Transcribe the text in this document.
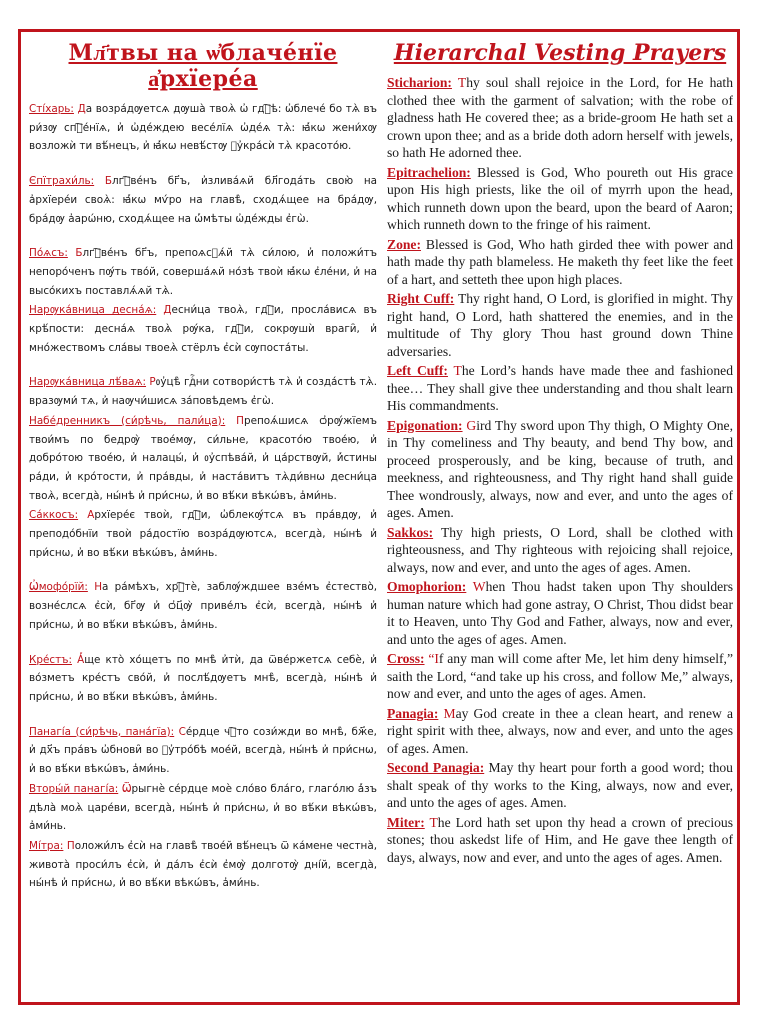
Мл҃твы на ѡ҆блаче́нїе а҆рхїере́а

Сті́харь: Да возра́дѹетсѧ дѹша̀ твоѧ̀ ѡ҆ гдⷭ҇ѣ: ѡ҆блече́ бо тѧ̀ въ ри́зѹ спⷭ҇е́нїѧ, и҆ ѡ҆де́ждею весе́лїѧ ѡ҆де́ѧ тѧ̀: ꙗ҆́кѡ жени́хѹ возложѝ ти вѣ́нецъ, и҆ ꙗ҆́кѡ невѣ́стѹ ᲂу҆кра́сѝ тѧ̀ красото́ю.

Єпїтрахи́ль: Блгⷭ҇ве́нъ бг҃ъ, и҆злива́ѧй бл҃года́ть свою̀ на а҆рхїере́и своѧ̀: ꙗ҆́кѡ мѵ́ро на главѣ̀, сходѧ́щее на бра́дѹ, бра́дѹ а҆арѡ́ню, сходѧ́щее на ѡ҆́мѣты ѡ҆де́жды є҆гѡ̀.

По́ѧсъ: Блгⷭ҇ве́нъ бг҃ъ, препоѧсꙋѧ́й тѧ̀ си́лою, и҆ положи́тъ непоро́ченъ пѹ́ть тво́й, соверша́ѧй но́зѣ твоѝ ꙗ҆́кѡ є҆ле́ни, и҆ на высо́кихъ поставлѧ́ѧй тѧ̀.

Нарѹка́вница десна́ѧ: Десни́ца твоѧ̀, гдⷭ҇и, просла́висѧ въ крѣ́пости: десна́ѧ твоѧ̀ рѹ́ка, гдⷭ҇и, сокрѹшѝ враги̑, и҆ мно́жествомъ сла́вы твоеѧ̀ стёрлъ є҆сѝ сѹпоста́ты.

Нарѹка́вница лѣ́ваѧ: Рᲂу҆цѣ̀ гдⷭ҇ни сотвори́стѣ тѧ̀ и҆ созда́стѣ тѧ̀. вразѹми́ тѧ, и҆ наѹчи́шисѧ за́повѣдемъ є҆гѡ̀.

Набе́дренникъ (си́рѣчь, пали́ца): Препоѧ́шисѧ ѻ҆рѹ́жїемъ твои́мъ по бедрѹ̀ твое́мѹ, си́льне, красото́ю твое́ю, и҆ добро́тою твое́ю, и҆ налацы́, и҆ ᲂу҆спѣва́й, и҆ ца́рствѹй, и҆́стины ра́ди, и҆ кро́тости, и҆ пра́вды, и҆ наста́витъ тѧ̀ди́внѡ десни́ца твоѧ̀, всегда̀, ны́нѣ и҆ при́снѡ, и҆ во вѣ́ки вѣкѡ́въ, а҆ми́нь.

Са́ккосъ: Архїере́є твоѝ, гдⷭ҇и, ѡ҆блекѹ́тсѧ въ пра́вдѹ, и҆ преподо́бнїи твоѝ ра́достїю возра́дѹютсѧ, всегда̀, ны́нѣ и҆ при́снѡ, и҆ во вѣ́ки вѣкѡ́въ, а҆ми́нь.

Ѡ҆мофо́рїй: На ра́мѣхъ, хрⷭ҇тѐ, заблѹ́ждшее взе́мъ є҆стество̀, возне́слсѧ є҆сѝ, бг҃ѹ и҆ ѻ҆ц҃ѹ̀ приве́лъ є҆сѝ, всегда̀, ны́нѣ и҆ при́снѡ, и҆ во вѣ́ки вѣкѡ́въ, а҆ми́нь.

Кре́стъ: А҆́ще кто̀ хо́щетъ по мнѣ̀ и҆тѝ, да ѿве́ржетсѧ себѐ, и҆ во́зметъ кре́стъ сво́й, и҆ послѣ́дѹетъ мнѣ̀, всегда̀, ны́нѣ и҆ при́снѡ, и҆ во вѣ́ки вѣкѡ́въ, а҆ми́нь.

Панагі́а (си́рѣчь, пана́гїа): Се́рдце чⷭ҇то сози́жди во мнѣ̀, бж҃е, и҆ дх҃ъ пра́въ ѡ҆бнови̑ во ᲂу҆тро́бѣ мое́й, всегда̀, ны́нѣ и҆ при́снѡ, и҆ во вѣ́ки вѣкѡ́въ, а҆ми́нь.

Вторы́й панагі́а: Ѿрыгнѐ се́рдце моѐ сло́во бла́го, глаго́лю а҆́зъ дѣла̀ моѧ̀ царе́ви, всегда̀, ны́нѣ и҆ при́снѡ, и҆ во вѣ́ки вѣкѡ́въ, а҆ми́нь.

Мі́тра: Положи́лъ є҆сѝ на главѣ̀ твое́й вѣ́нецъ ѿ ка́мене честна̀, живота̀ проси́лъ є҆сѝ, и҆ да́лъ є҆сѝ є҆мѹ̀ долготѹ̀ дні́й, всегда̀, ны́нѣ и҆ при́снѡ, и҆ во вѣ́ки вѣкѡ́въ, а҆ми́нь.

Hierarchal Vesting Prayers

Sticharion: Thy soul shall rejoice in the Lord, for He hath clothed thee with the garment of salvation; with the robe of gladness hath He covered thee; as a bride-groom He hath set a crown upon thee; and as a bride doth adorn herself with jewels, so hath He adorned thee.

Epitrachelion: Blessed is God, Who poureth out His grace upon His high priests, like the oil of myrrh upon the head, which runneth down upon the beard, upon the beard of Aaron; which runneth down to the fringe of his raiment.

Zone: Blessed is God, Who hath girded thee with power and hath made thy path blameless. He maketh thy feet like the feet of a hart, and setteth thee upon high places.

Right Cuff: Thy right hand, O Lord, is glorified in might. Thy right hand, O Lord, hath shattered the enemies, and in the multitude of Thy glory Thou hast ground down Thine adversaries.

Left Cuff: The Lord’s hands have made thee and fashioned thee… They shall give thee understanding and thou shalt learn His commandments.

Epigonation: Gird Thy sword upon Thy thigh, O Mighty One, in Thy comeliness and Thy beauty, and bend Thy bow, and proceed prosperously, and be king, because of truth, and meekness, and righteousness, and Thy right hand shall guide Thee wondrously, always, now and ever, and unto the ages of ages. Amen.

Sakkos: Thy high priests, O Lord, shall be clothed with righteousness, and Thy righteous with rejoicing shall rejoice, always, now and ever, and unto the ages of ages. Amen.

Omophorion: When Thou hadst taken upon Thy shoulders human nature which had gone astray, O Christ, Thou didst bear it to Heaven, unto Thy God and Father, always, now and ever, and unto the ages of ages. Amen.

Cross: “If any man will come after Me, let him deny himself,” saith the Lord, “and take up his cross, and follow Me,” always, now and ever, and unto the ages of ages. Amen.

Panagia: May God create in thee a clean heart, and renew a right spirit with thee, always, now and ever, and unto the ages of ages. Amen.

Second Panagia: May thy heart pour forth a good word; thou shalt speak of thy works to the King, always, now and ever, and unto the ages of ages. Amen.

Miter: The Lord hath set upon thy head a crown of precious stones; thou askedst life of Him, and He gave thee length of days, always, now and ever, and unto the ages of ages. Amen.
